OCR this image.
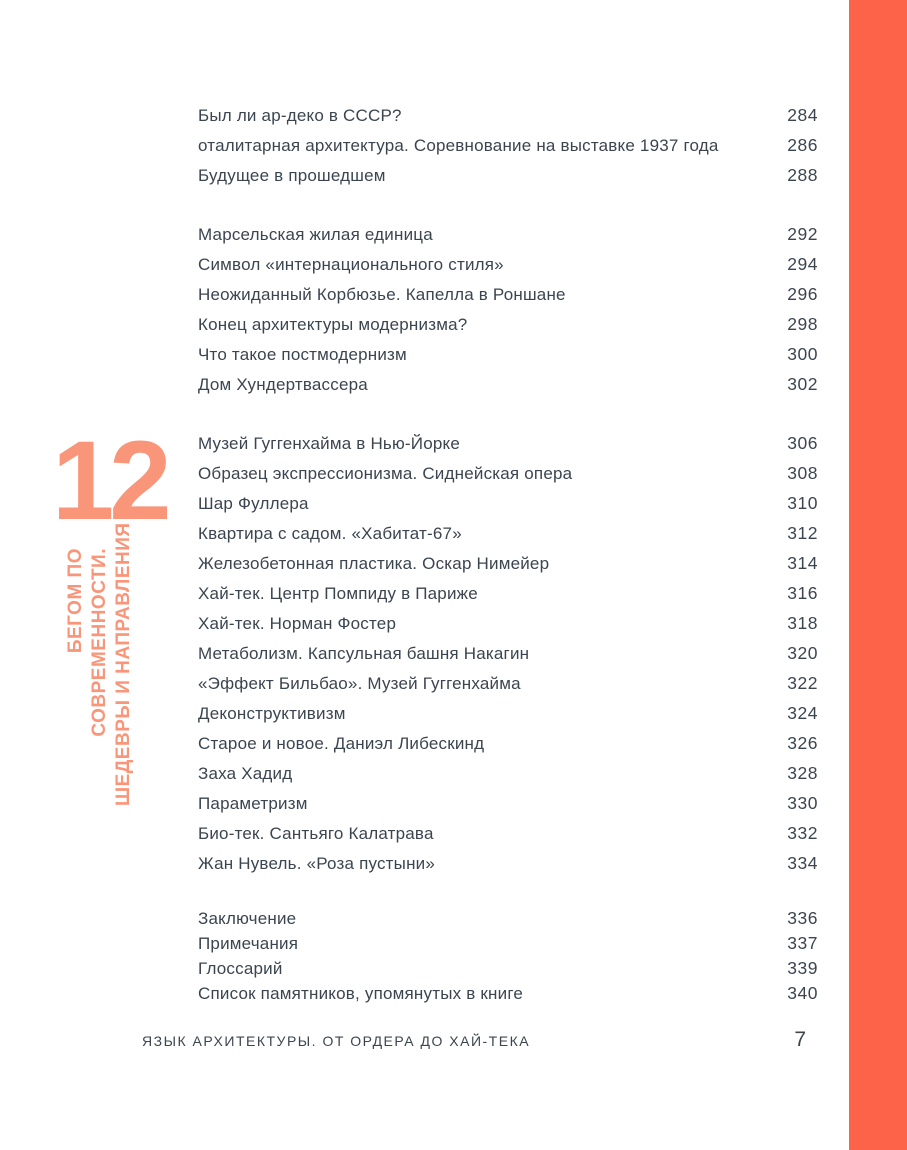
12
БЕГОМ ПО СОВРЕМЕННОСТИ. ШЕДЕВРЫ И НАПРАВЛЕНИЯ
Был ли ар-деко в СССР?	284
оталитарная архитектура. Соревнование на выставке 1937 года	286
Будущее в прошедшем	288
Марсельская жилая единица	292
Символ «интернационального стиля»	294
Неожиданный Корбюзье. Капелла в Роншане	296
Конец архитектуры модернизма?	298
Что такое постмодернизм	300
Дом Хундертвассера	302
Музей Гуггенхайма в Нью-Йорке	306
Образец экспрессионизма. Сиднейская опера	308
Шар Фуллера	310
Квартира с садом. «Хабитат-67»	312
Железобетонная пластика. Оскар Нимейер	314
Хай-тек. Центр Помпиду в Париже	316
Хай-тек. Норман Фостер	318
Метаболизм. Капсульная башня Накагин	320
«Эффект Бильбао». Музей Гуггенхайма	322
Деконструктивизм	324
Старое и новое. Даниэл Либескинд	326
Заха Хадид	328
Параметризм	330
Био-тек. Сантьяго Калатрава	332
Жан Нувель. «Роза пустыни»	334
Заключение	336
Примечания	337
Глоссарий	339
Список памятников, упомянутых в книге	340
ЯЗЫК АРХИТЕКТУРЫ. ОТ ОРДЕРА ДО ХАЙ-ТЕКА	7
